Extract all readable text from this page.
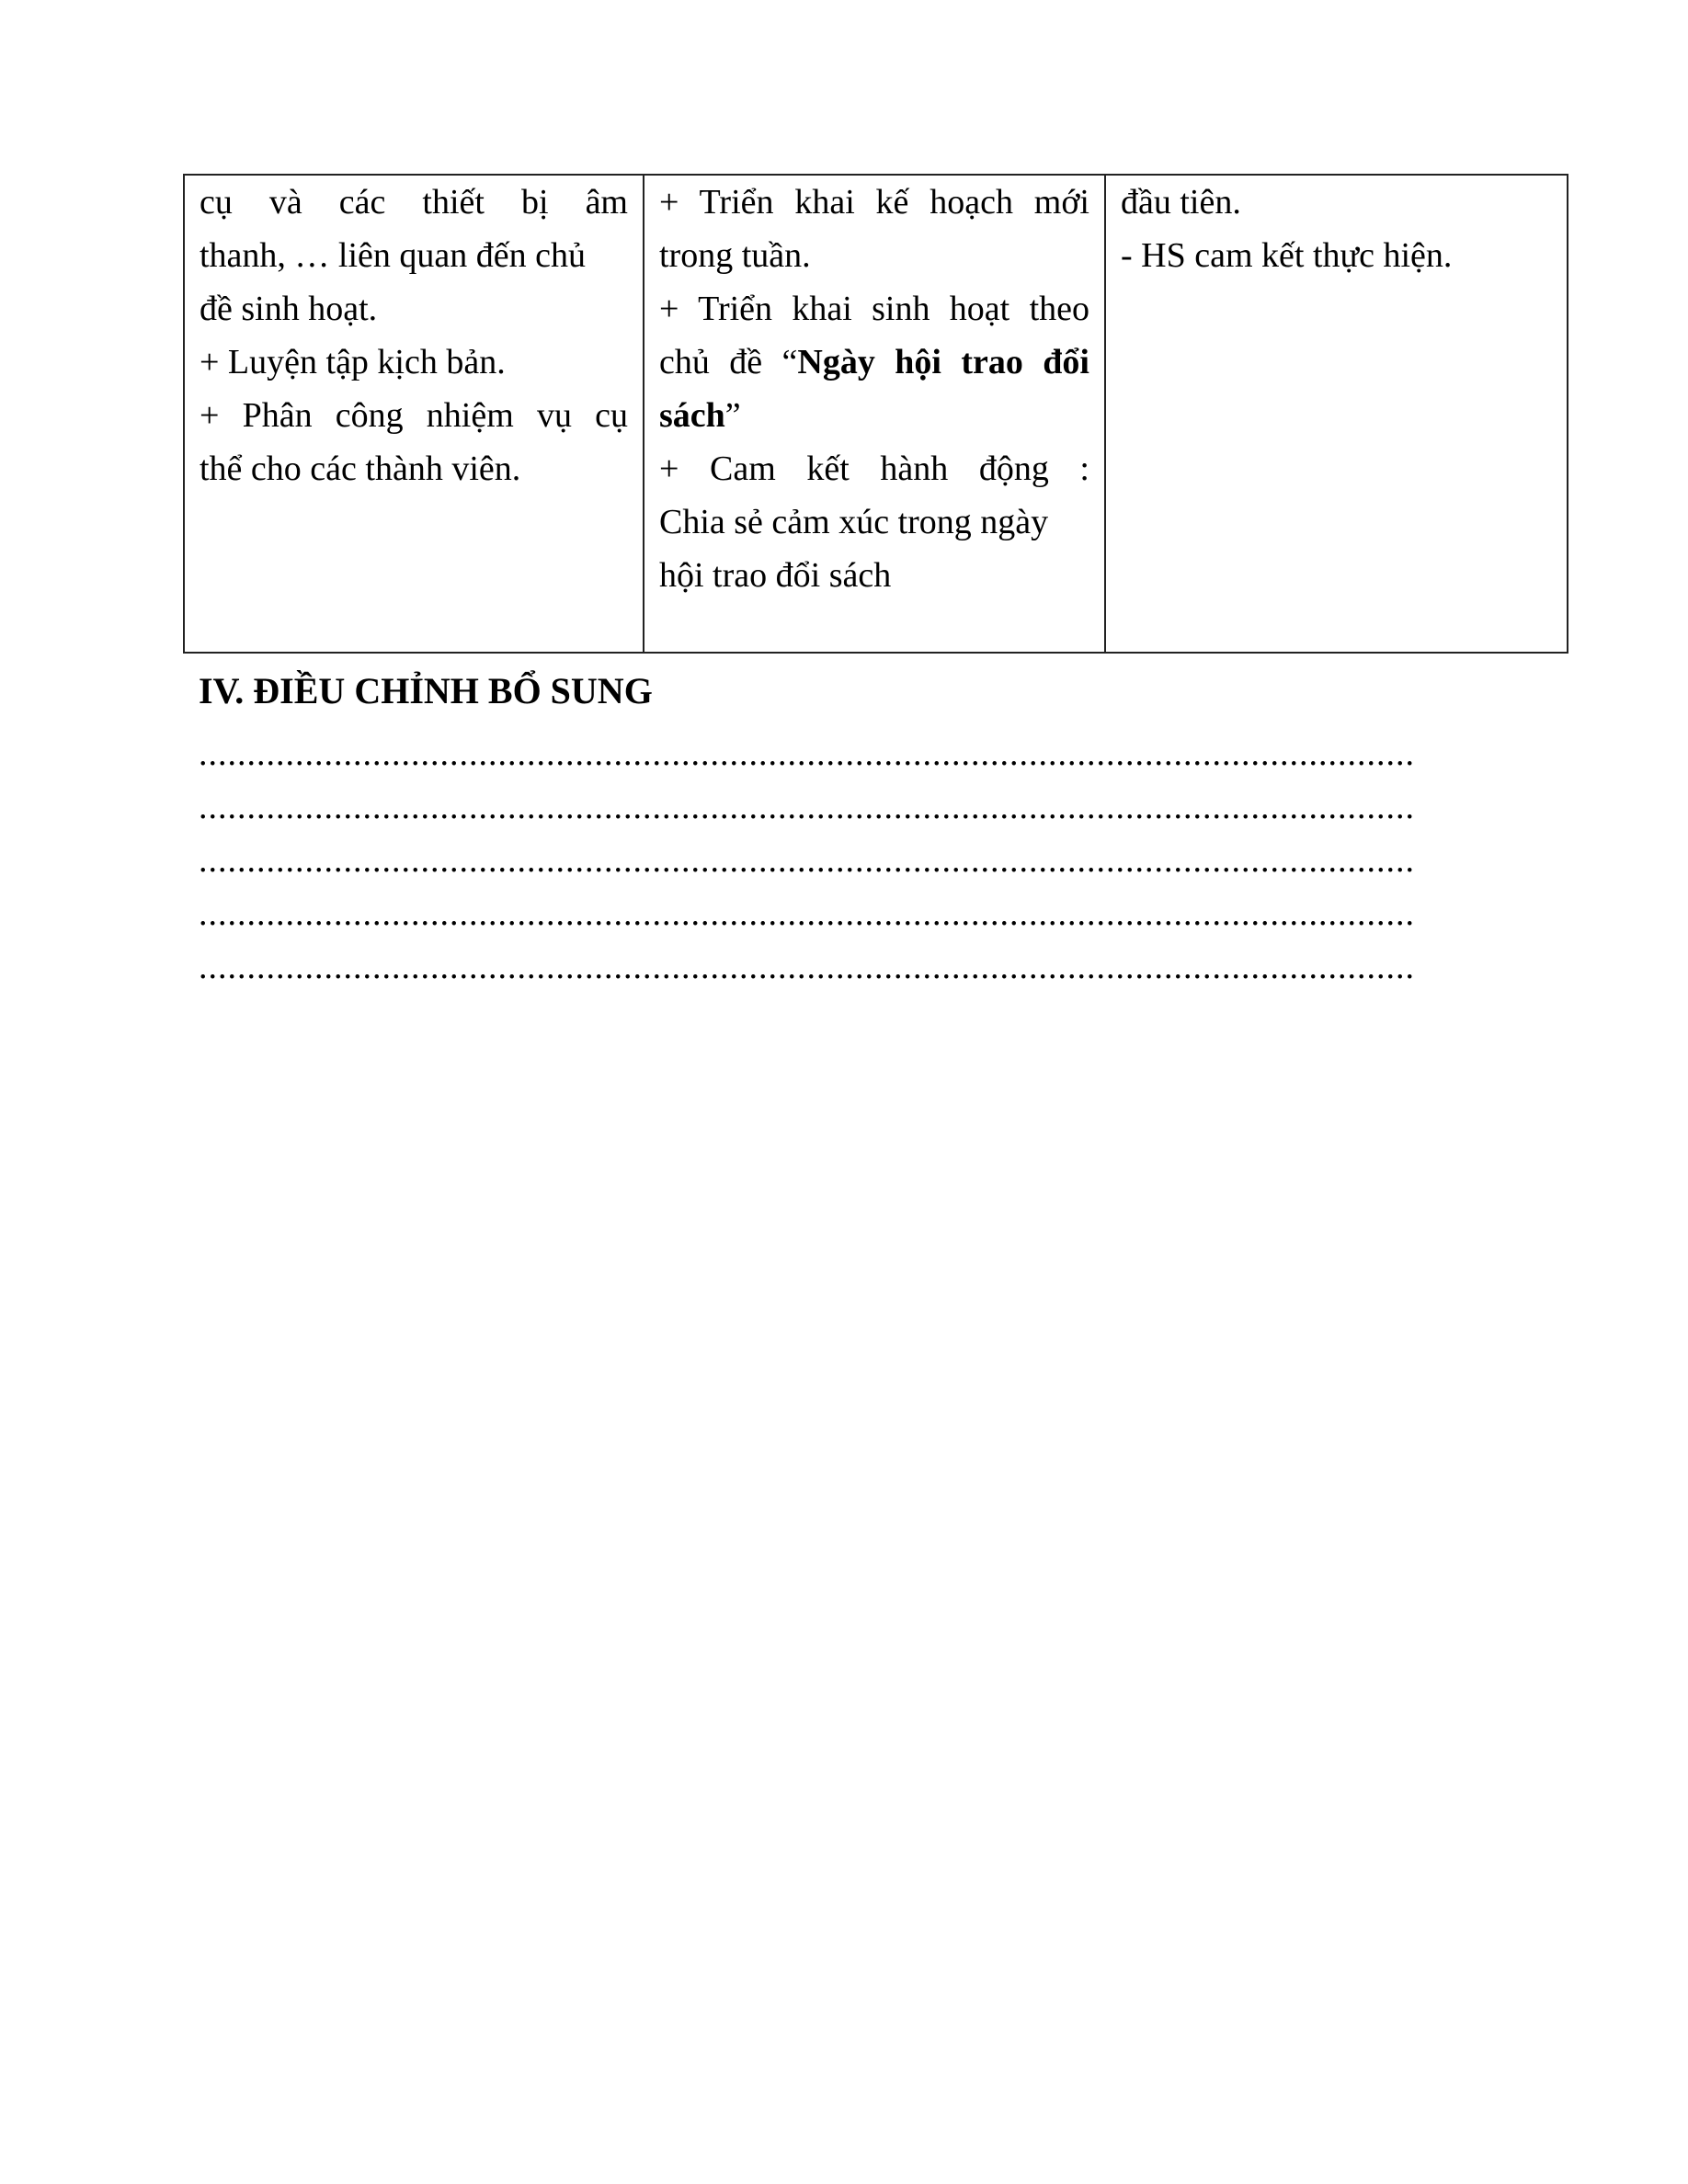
cụ và các thiết bị âm
thanh, … liên quan đến chủ
đề sinh hoạt.
+ Luyện tập kịch bản.
+ Phân công nhiệm vụ cụ
thể cho các thành viên.

+ Triển khai kế hoạch mới
trong tuần.
+ Triển khai sinh hoạt theo
chủ đề “Ngày hội trao đổi
sách”
+ Cam kết hành động :
Chia sẻ cảm xúc trong ngày
hội trao đổi sách

đầu tiên.
- HS cam kết thực hiện.
IV. ĐIỀU CHỈNH BỔ SUNG
..............................................................................................................................
..............................................................................................................................
..............................................................................................................................
..............................................................................................................................
..............................................................................................................................
